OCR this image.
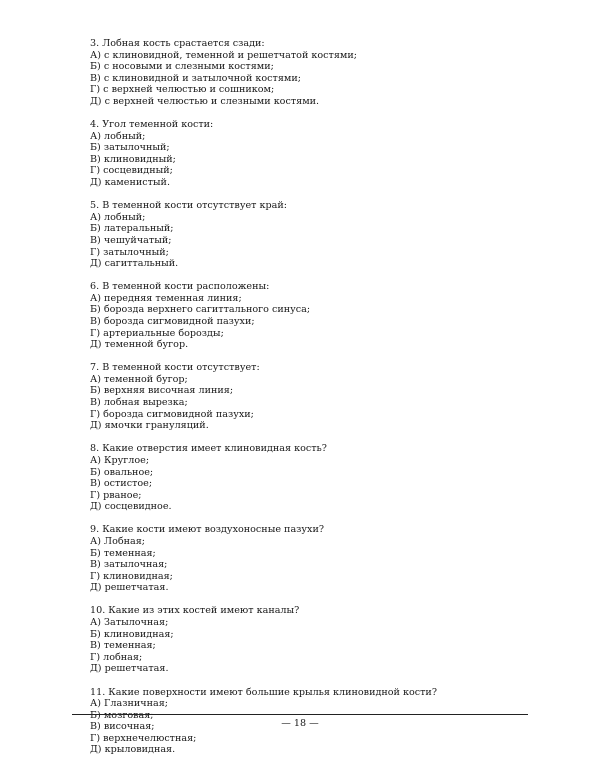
3. Лобная кость срастается сзади:
А) с клиновидной, теменной и решетчатой костями;
Б) с носовыми и слезными костями;
В) с клиновидной и затылочной костями;
Г) с верхней челюстью и сошником;
Д) с верхней челюстью и слезными костями.
4. Угол теменной кости:
А) лобный;
Б) затылочный;
В) клиновидный;
Г) сосцевидный;
Д) каменистый.
5. В теменной кости отсутствует край:
А) лобный;
Б) латеральный;
В) чешуйчатый;
Г) затылочный;
Д) сагиттальный.
6. В теменной кости расположены:
А) передняя теменная линия;
Б) борозда верхнего сагиттального синуса;
В) борозда сигмовидной пазухи;
Г) артериальные борозды;
Д) теменной бугор.
7. В теменной кости отсутствует:
А) теменной бугор;
Б) верхняя височная линия;
В) лобная вырезка;
Г) борозда сигмовидной пазухи;
Д) ямочки грануляций.
8. Какие отверстия имеет клиновидная кость?
А) Круглое;
Б) овальное;
В) остистое;
Г) рваное;
Д) сосцевидное.
9. Какие кости имеют воздухоносные пазухи?
А) Лобная;
Б) теменная;
В) затылочная;
Г) клиновидная;
Д) решетчатая.
10. Какие из этих костей имеют каналы?
А) Затылочная;
Б) клиновидная;
В) теменная;
Г) лобная;
Д) решетчатая.
11. Какие поверхности имеют большие крылья клиновидной кости?
А) Глазничная;
Б) мозговая;
В) височная;
Г) верхнечелюстная;
Д) крыловидная.
— 18 —
